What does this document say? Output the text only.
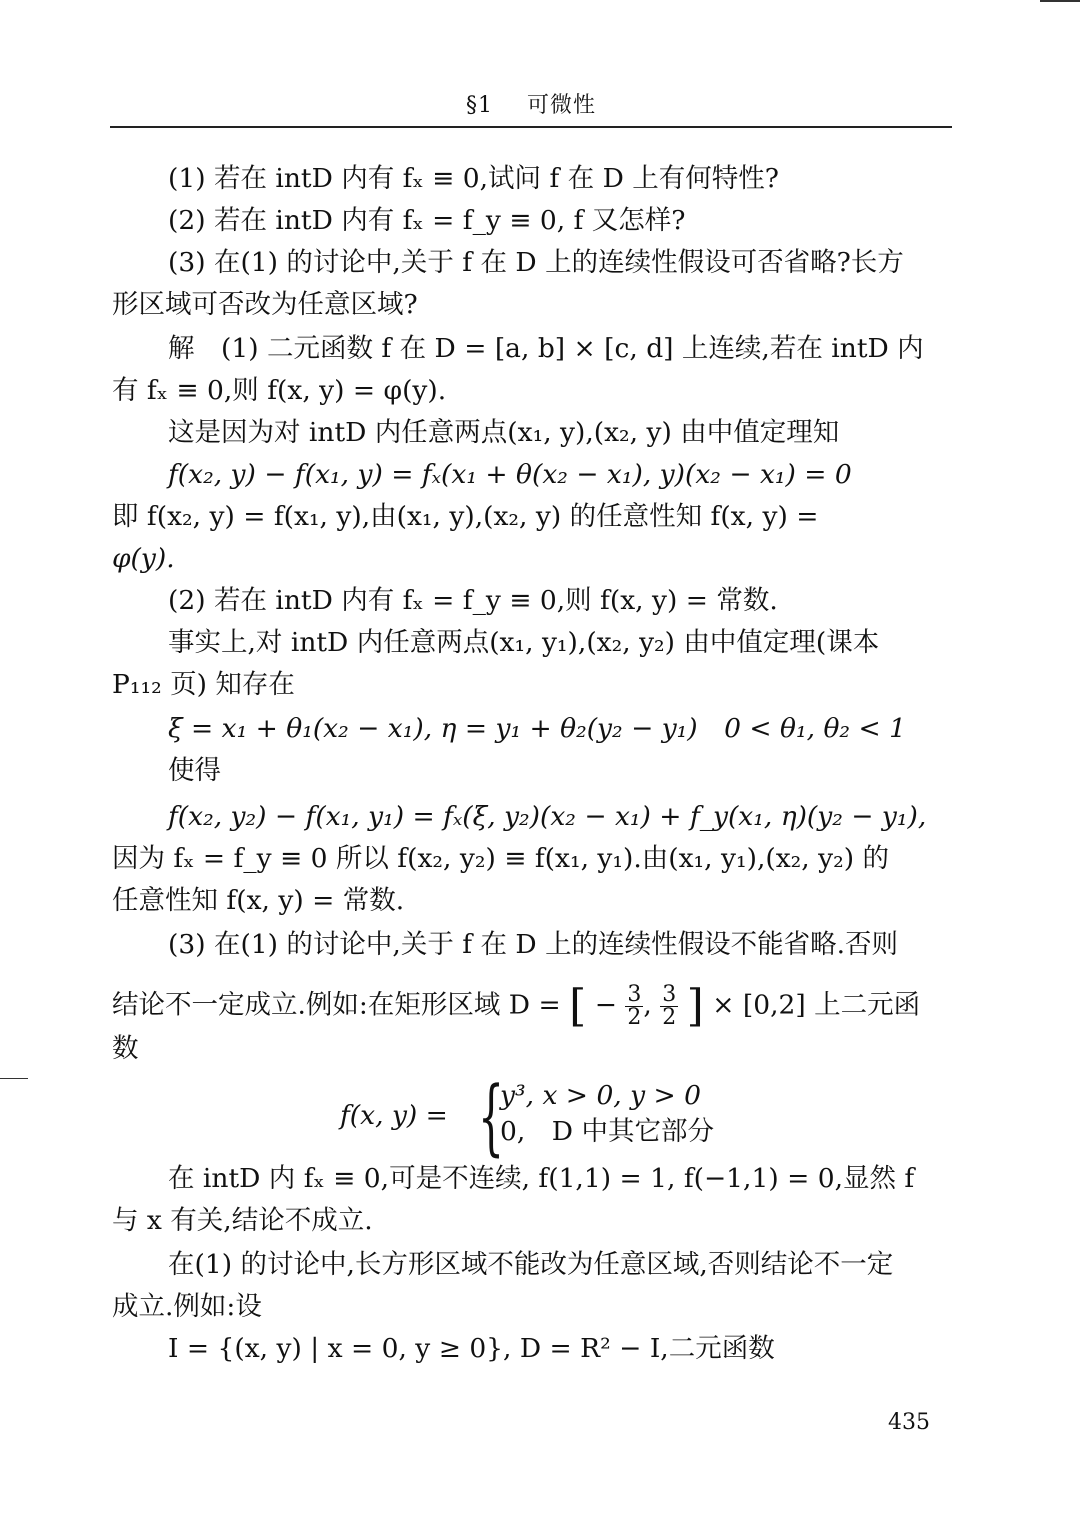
§1 可微性
(1) 若在 intD 内有 fₓ ≡ 0,试问 f 在 D 上有何特性?
(2) 若在 intD 内有 fₓ = f_y ≡ 0, f 又怎样?
(3) 在(1) 的讨论中,关于 f 在 D 上的连续性假设可否省略?长方
形区域可否改为任意区域?
解　(1) 二元函数 f 在 D = [a, b] × [c, d] 上连续,若在 intD 内
有 fₓ ≡ 0,则 f(x, y) = φ(y).
这是因为对 intD 内任意两点(x₁, y),(x₂, y) 由中值定理知
f(x₂, y) − f(x₁, y) = fₓ(x₁ + θ(x₂ − x₁), y)(x₂ − x₁) = 0
即 f(x₂, y) = f(x₁, y),由(x₁, y),(x₂, y) 的任意性知 f(x, y) =
φ(y).
(2) 若在 intD 内有 fₓ = f_y ≡ 0,则 f(x, y) = 常数.
事实上,对 intD 内任意两点(x₁, y₁),(x₂, y₂) 由中值定理(课本
P₁₁₂ 页) 知存在
ξ = x₁ + θ₁(x₂ − x₁), η = y₁ + θ₂(y₂ − y₁)　0 < θ₁, θ₂ < 1
使得
f(x₂, y₂) − f(x₁, y₁) = fₓ(ξ, y₂)(x₂ − x₁) + f_y(x₁, η)(y₂ − y₁),
因为 fₓ = f_y ≡ 0 所以 f(x₂, y₂) ≡ f(x₁, y₁).由(x₁, y₁),(x₂, y₂) 的
任意性知 f(x, y) = 常数.
(3) 在(1) 的讨论中,关于 f 在 D 上的连续性假设不能省略.否则
结论不一定成立.例如:在矩形区域 D = [ − $\frac{3}{2}$ , $\frac{3}{2}$ ] × [0,2] 上二元函
数
f(x, y) = {
y³, x > 0, y > 0
0,　D 中其它部分
在 intD 内 fₓ ≡ 0,可是不连续, f(1,1) = 1, f(−1,1) = 0,显然 f
与 x 有关,结论不成立.
在(1) 的讨论中,长方形区域不能改为任意区域,否则结论不一定
成立.例如:设
I = {(x, y) | x = 0, y ≥ 0}, D = R² − I,二元函数
435
